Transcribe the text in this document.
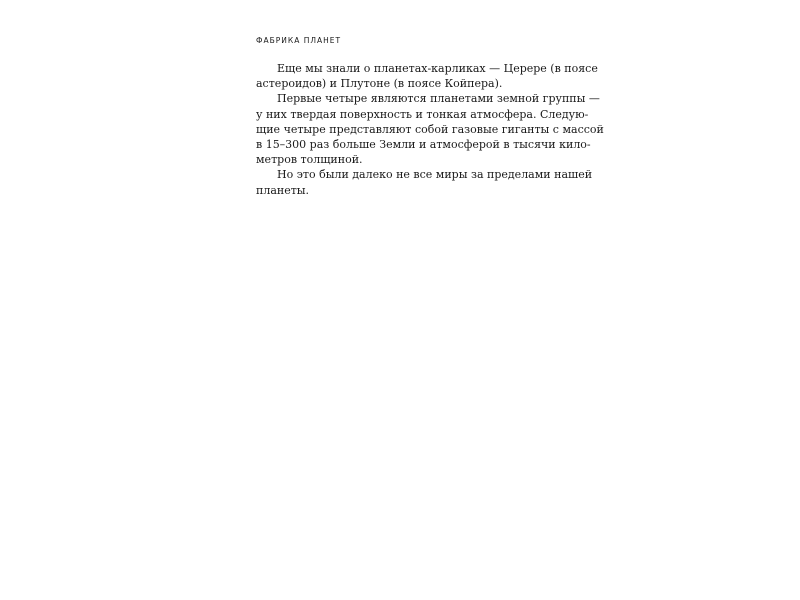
ФАБРИКА ПЛАНЕТ
Еще мы знали о планетах-карликах — Церере (в поясе
астероидов) и Плутоне (в поясе Койпера).
Первые четыре являются планетами земной группы —
у них твердая поверхность и тонкая атмосфера. Следую-
щие четыре представляют собой газовые гиганты с массой
в 15–300 раз больше Земли и атмосферой в тысячи кило-
метров толщиной.
Но это были далеко не все миры за пределами нашей
планеты.
